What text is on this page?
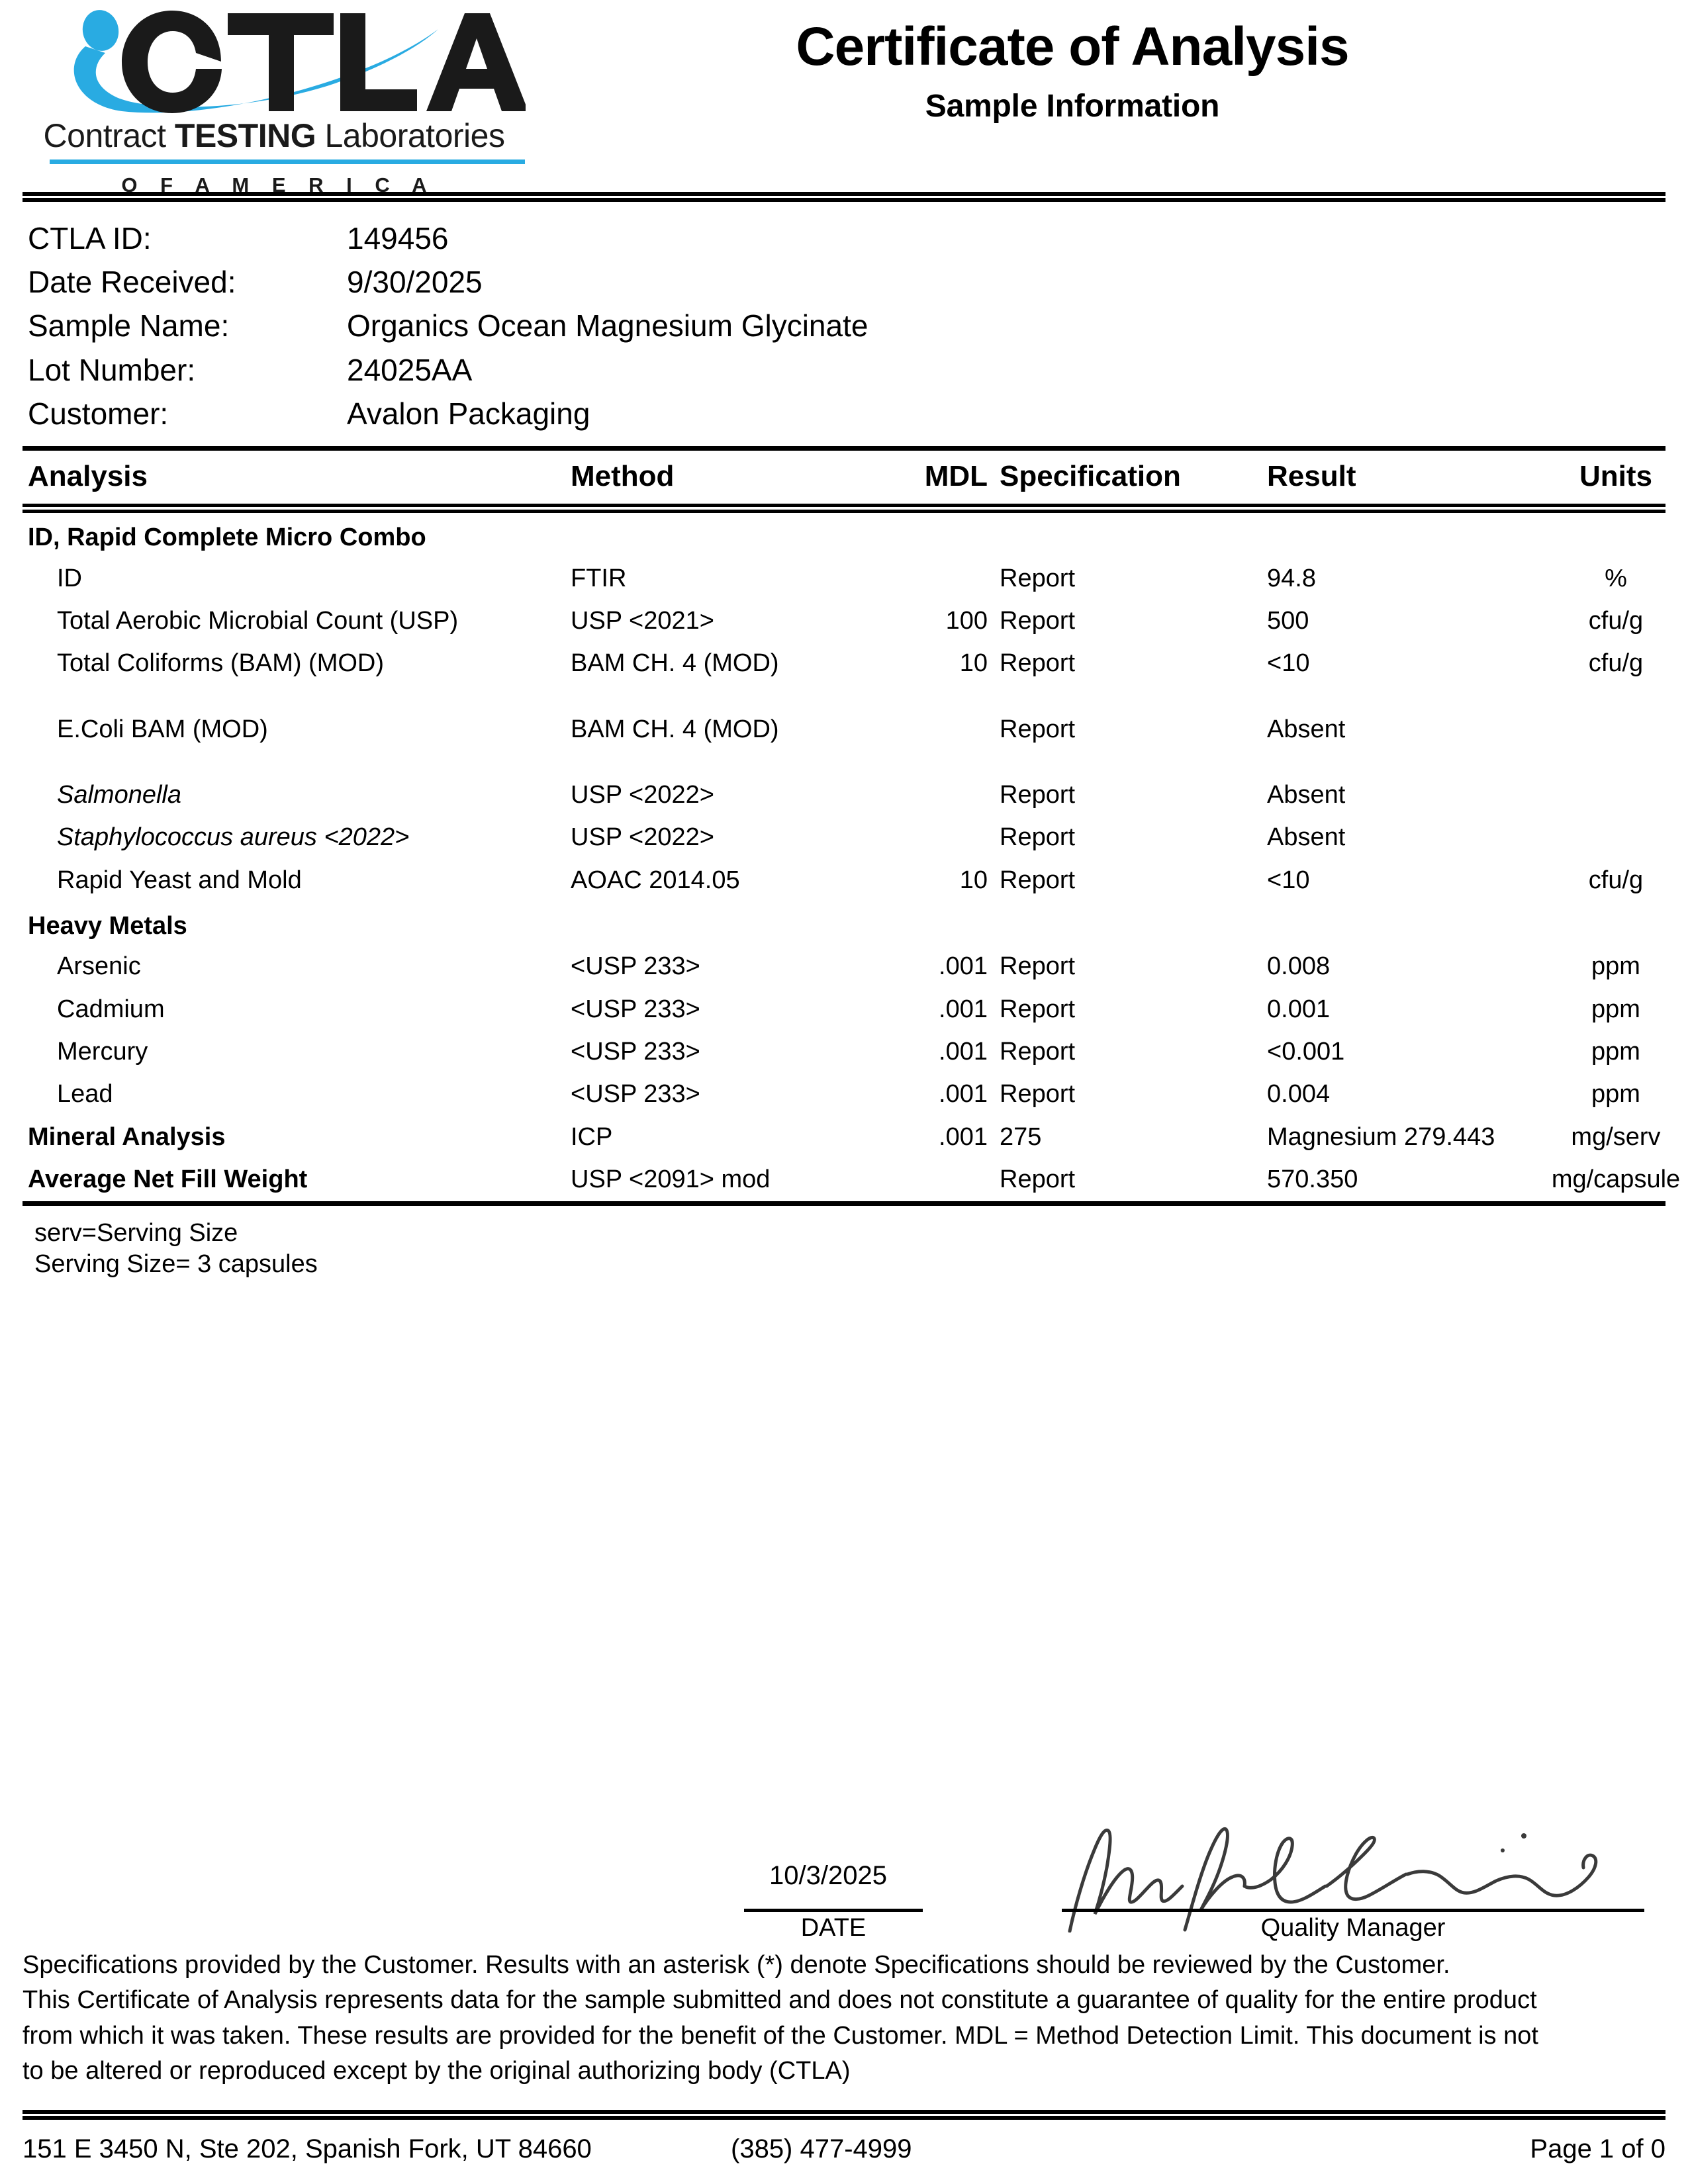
Contract TESTING Laboratories
O F A M E R I C A
Certificate of Analysis
Sample Information
CTLA ID:	149456
Date Received:	9/30/2025
Sample Name:	Organics Ocean Magnesium Glycinate
Lot Number:	24025AA
Customer:	Avalon Packaging
Analysis	Method	MDL	Specification	Result	Units
ID, Rapid Complete Micro Combo					
ID	FTIR		Report	94.8	%
Total Aerobic Microbial Count (USP)	USP <2021>	100	Report	500	cfu/g
Total Coliforms (BAM) (MOD)	BAM CH. 4 (MOD)	10	Report	<10	cfu/g
E.Coli BAM (MOD)	BAM CH. 4 (MOD)		Report	Absent	
Salmonella	USP <2022>		Report	Absent	
Staphylococcus aureus <2022>	USP <2022>		Report	Absent	
Rapid Yeast and Mold	AOAC 2014.05	10	Report	<10	cfu/g
Heavy Metals					
Arsenic	<USP 233>	.001	Report	0.008	ppm
Cadmium	<USP 233>	.001	Report	0.001	ppm
Mercury	<USP 233>	.001	Report	<0.001	ppm
Lead	<USP 233>	.001	Report	0.004	ppm
Mineral Analysis	ICP	.001	275	Magnesium 279.443	mg/serv
Average Net Fill Weight	USP <2091> mod		Report	570.350	mg/capsule
serv=Serving Size
Serving Size= 3 capsules
10/3/2025
DATE	Quality Manager

Specifications provided by the Customer. Results with an asterisk (*) denote Specifications should be reviewed by the Customer.

This Certificate of Analysis represents data for the sample submitted and does not constitute a guarantee of quality for the entire product

from which it was taken. These results are provided for the benefit of the Customer. MDL = Method Detection Limit. This document is not

to be altered or reproduced except by the original authorizing body (CTLA)

151 E 3450 N, Ste 202, Spanish Fork, UT 84660	(385) 477-4999	Page 1 of 0
